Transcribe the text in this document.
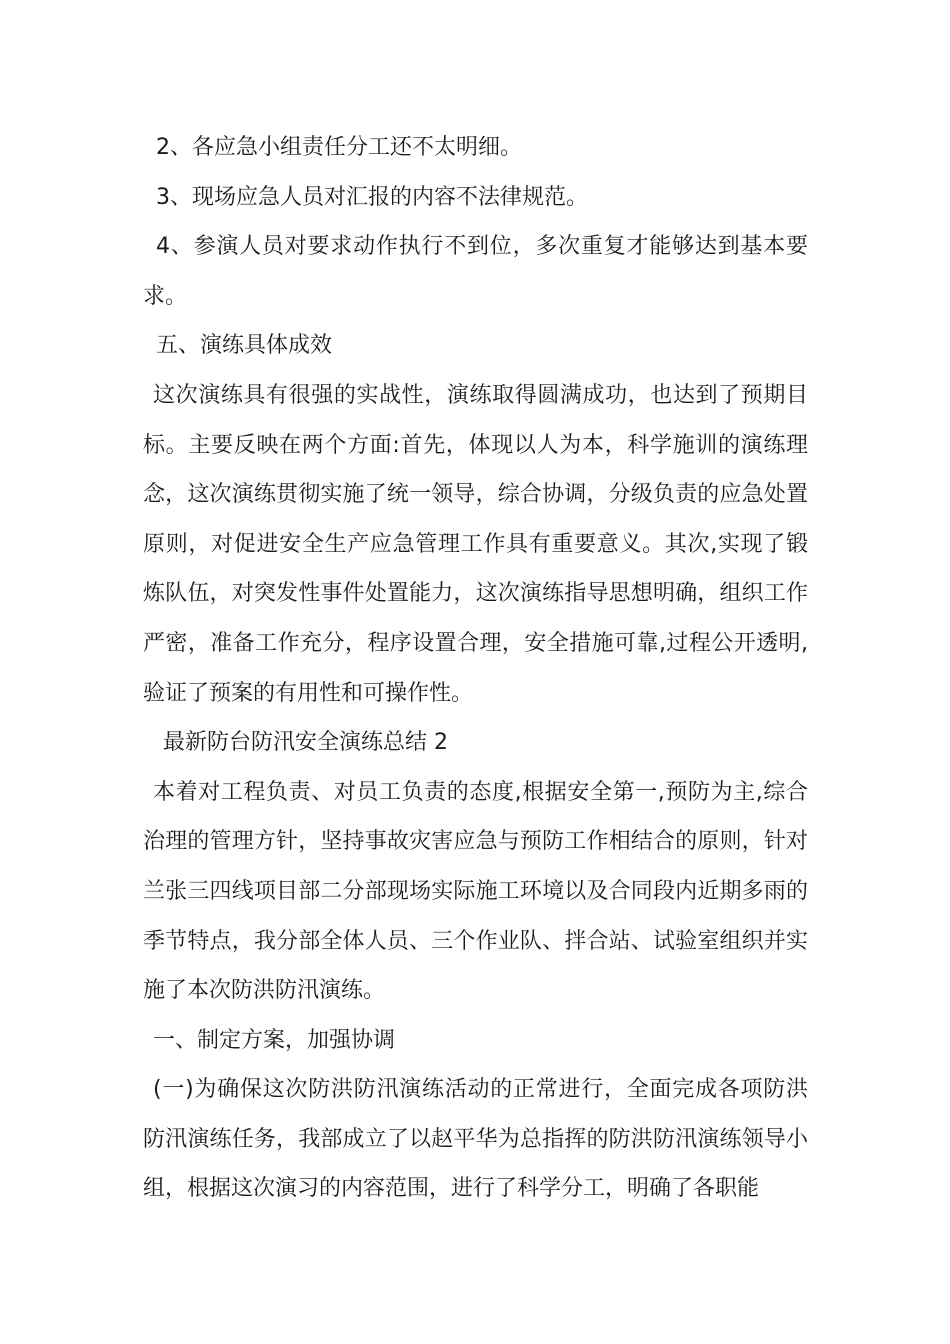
2、各应急小组责任分工还不太明细。

3、现场应急人员对汇报的内容不法律规范。

4、参演人员对要求动作执行不到位，多次重复才能够达到基本要求。

五、演练具体成效

这次演练具有很强的实战性，演练取得圆满成功，也达到了预期目标。主要反映在两个方面:首先，体现以人为本，科学施训的演练理念，这次演练贯彻实施了统一领导，综合协调，分级负责的应急处置原则，对促进安全生产应急管理工作具有重要意义。其次,实现了锻炼队伍，对突发性事件处置能力，这次演练指导思想明确，组织工作严密，准备工作充分，程序设置合理，安全措施可靠,过程公开透明,验证了预案的有用性和可操作性。

最新防台防汛安全演练总结 2

本着对工程负责、对员工负责的态度,根据安全第一,预防为主,综合治理的管理方针，坚持事故灾害应急与预防工作相结合的原则，针对兰张三四线项目部二分部现场实际施工环境以及合同段内近期多雨的季节特点，我分部全体人员、三个作业队、拌合站、试验室组织并实施了本次防洪防汛演练。

一、制定方案，加强协调

(一)为确保这次防洪防汛演练活动的正常进行，全面完成各项防洪防汛演练任务，我部成立了以赵平华为总指挥的防洪防汛演练领导小组，根据这次演习的内容范围，进行了科学分工，明确了各职能
